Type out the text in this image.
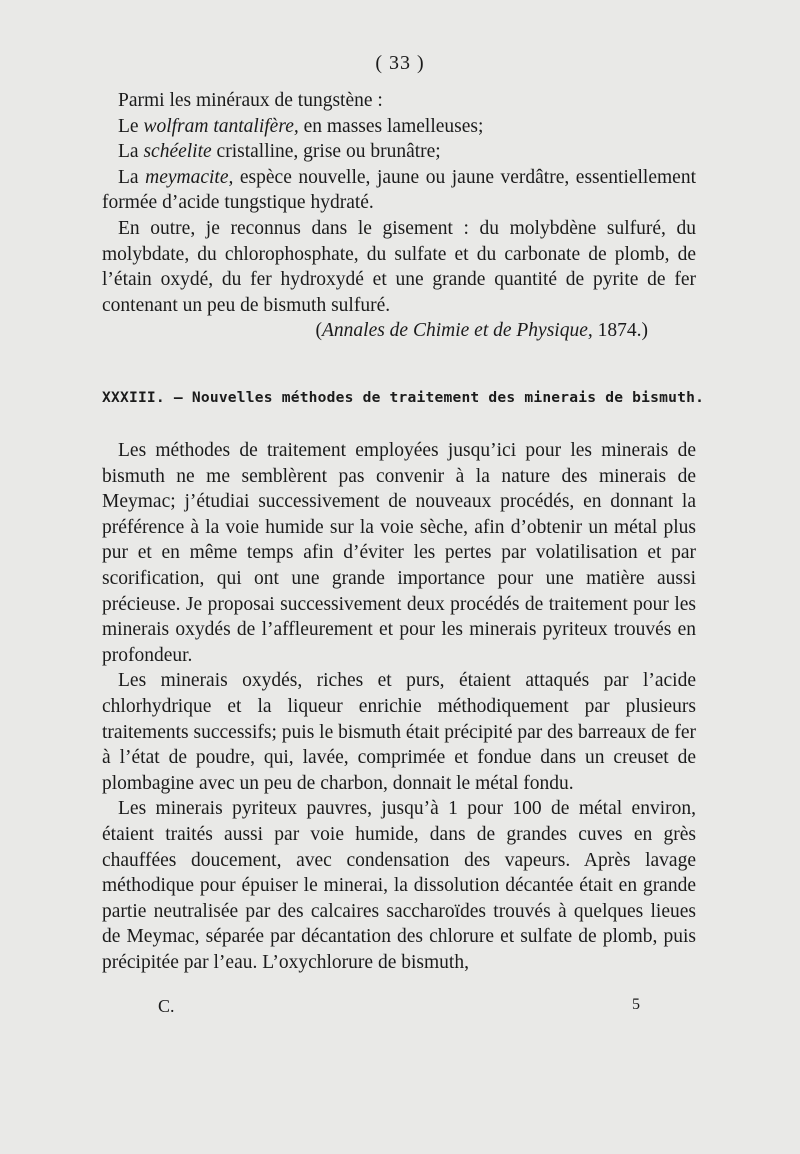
( 33 )

Parmi les minéraux de tungstène :

Le wolfram tantalifère, en masses lamelleuses;

La schéelite cristalline, grise ou brunâtre;

La meymacite, espèce nouvelle, jaune ou jaune verdâtre, essentiellement formée d’acide tungstique hydraté.

En outre, je reconnus dans le gisement : du molybdène sulfuré, du molybdate, du chlorophosphate, du sulfate et du carbonate de plomb, de l’étain oxydé, du fer hydroxydé et une grande quantité de pyrite de fer contenant un peu de bismuth sulfuré.

(Annales de Chimie et de Physique, 1874.)

XXXIII. — Nouvelles méthodes de traitement des minerais de bismuth.

Les méthodes de traitement employées jusqu’ici pour les minerais de bismuth ne me semblèrent pas convenir à la nature des minerais de Meymac; j’étudiai successivement de nouveaux procédés, en donnant la préférence à la voie humide sur la voie sèche, afin d’obtenir un métal plus pur et en même temps afin d’éviter les pertes par volatilisation et par scorification, qui ont une grande importance pour une matière aussi précieuse. Je proposai successivement deux procédés de traitement pour les minerais oxydés de l’affleurement et pour les minerais pyriteux trouvés en profondeur.

Les minerais oxydés, riches et purs, étaient attaqués par l’acide chlorhydrique et la liqueur enrichie méthodiquement par plusieurs traitements successifs; puis le bismuth était précipité par des barreaux de fer à l’état de poudre, qui, lavée, comprimée et fondue dans un creuset de plombagine avec un peu de charbon, donnait le métal fondu.

Les minerais pyriteux pauvres, jusqu’à 1 pour 100 de métal environ, étaient traités aussi par voie humide, dans de grandes cuves en grès chauffées doucement, avec condensation des vapeurs. Après lavage méthodique pour épuiser le minerai, la dissolution décantée était en grande partie neutralisée par des calcaires saccharoïdes trouvés à quelques lieues de Meymac, séparée par décantation des chlorure et sulfate de plomb, puis précipitée par l’eau. L’oxychlorure de bismuth,

C.	5
